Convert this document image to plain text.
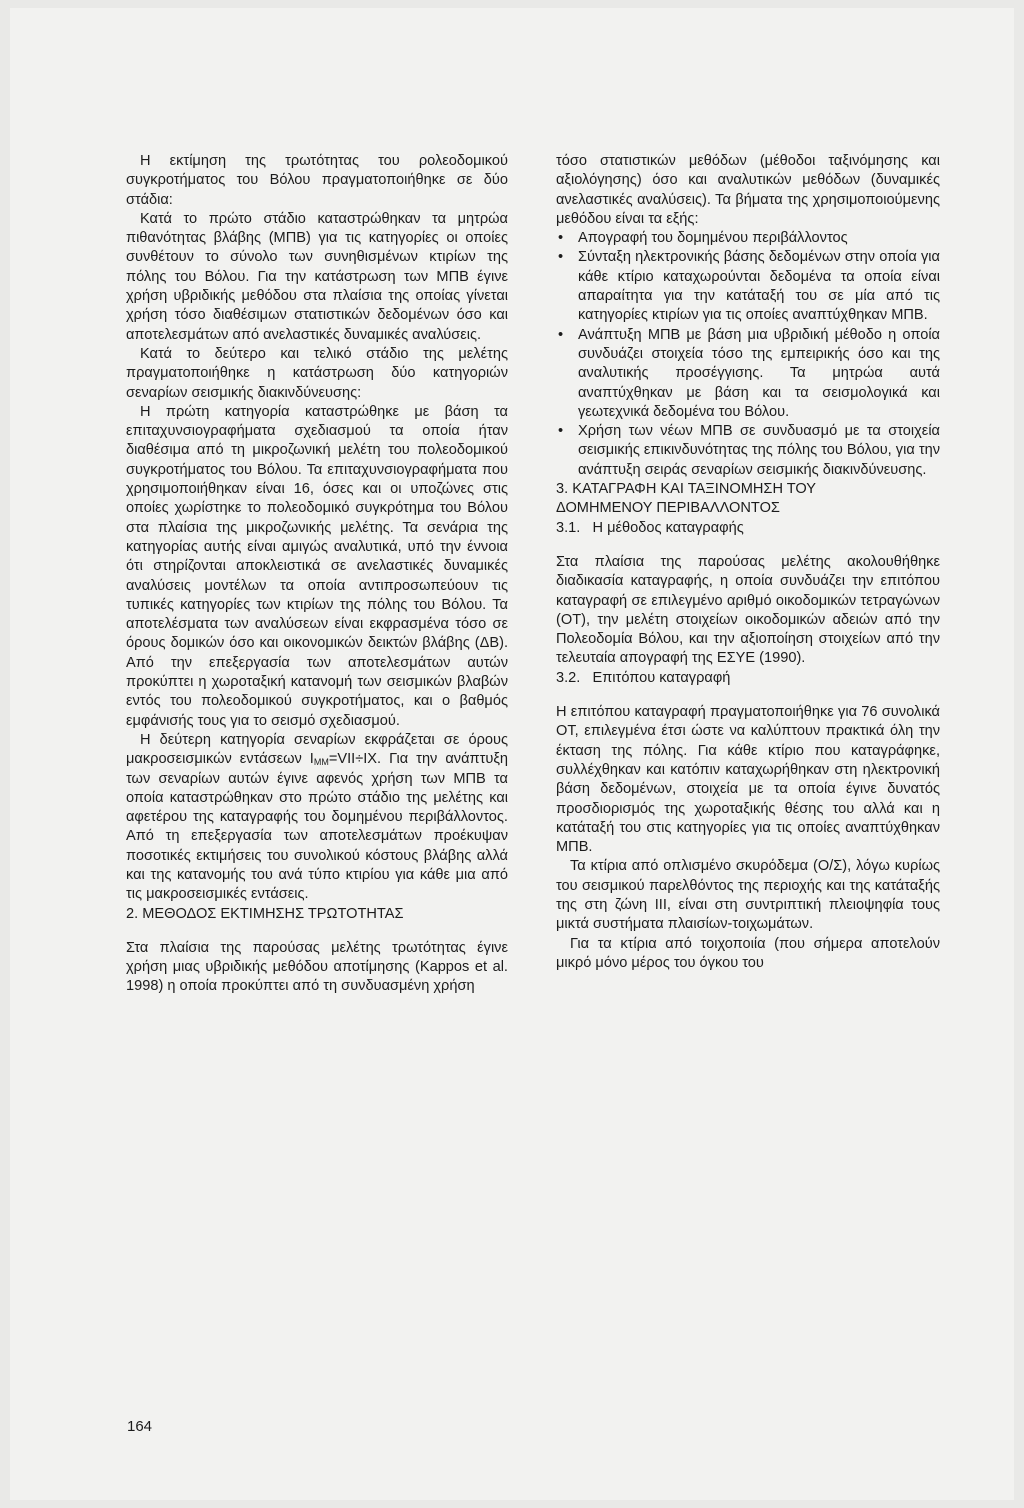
Η εκτίμηση της τρωτότητας του ρολεοδομικού συγκροτήματος του Βόλου πραγματοποιήθηκε σε δύο στάδια:

Κατά το πρώτο στάδιο καταστρώθηκαν τα μητρώα πιθανότητας βλάβης (ΜΠΒ) για τις κατηγορίες οι οποίες συνθέτουν το σύνολο των συνηθισμένων κτιρίων της πόλης του Βόλου. Για την κατάστρωση των ΜΠΒ έγινε χρήση υβριδικής μεθόδου στα πλαίσια της οποίας γίνεται χρήση τόσο διαθέσιμων στατιστικών δεδομένων όσο και αποτελεσμάτων από ανελαστικές δυναμικές αναλύσεις.

Κατά το δεύτερο και τελικό στάδιο της μελέτης πραγματοποιήθηκε η κατάστρωση δύο κατηγοριών σεναρίων σεισμικής διακινδύνευσης:

Η πρώτη κατηγορία καταστρώθηκε με βάση τα επιταχυνσιογραφήματα σχεδιασμού τα οποία ήταν διαθέσιμα από τη μικροζωνική μελέτη του πολεοδομικού συγκροτήματος του Βόλου. Τα επιταχυνσιογραφήματα που χρησιμοποιήθηκαν είναι 16, όσες και οι υποζώνες στις οποίες χωρίστηκε το πολεοδομικό συγκρότημα του Βόλου στα πλαίσια της μικροζωνικής μελέτης. Τα σενάρια της κατηγορίας αυτής είναι αμιγώς αναλυτικά, υπό την έννοια ότι στηρίζονται αποκλειστικά σε ανελαστικές δυναμικές αναλύσεις μοντέλων τα οποία αντιπροσωπεύουν τις τυπικές κατηγορίες των κτιρίων της πόλης του Βόλου. Τα αποτελέσματα των αναλύσεων είναι εκφρασμένα τόσο σε όρους δομικών όσο και οικονομικών δεικτών βλάβης (ΔΒ). Από την επεξεργασία των αποτελεσμάτων αυτών προκύπτει η χωροταξική κατανομή των σεισμικών βλαβών εντός του πολεοδομικού συγκροτήματος, και ο βαθμός εμφάνισής τους για το σεισμό σχεδιασμού.

Η δεύτερη κατηγορία σεναρίων εκφράζεται σε όρους μακροσεισμικών εντάσεων $I_{MM}=VII\div IX$. Για την ανάπτυξη των σεναρίων αυτών έγινε αφενός χρήση των ΜΠΒ τα οποία καταστρώθηκαν στο πρώτο στάδιο της μελέτης και αφετέρου της καταγραφής του δομημένου περιβάλλοντος. Από τη επεξεργασία των αποτελεσμάτων προέκυψαν ποσοτικές εκτιμήσεις του συνολικού κόστους βλάβης αλλά και της κατανομής του ανά τύπο κτιρίου για κάθε μια από τις μακροσεισμικές εντάσεις.

2. ΜΕΘΟΔΟΣ ΕΚΤΙΜΗΣΗΣ ΤΡΩΤΟΤΗΤΑΣ

Στα πλαίσια της παρούσας μελέτης τρωτότητας έγινε χρήση μιας υβριδικής μεθόδου αποτίμησης (Kappos et al. 1998) η οποία προκύπτει από τη συνδυασμένη χρήση

τόσο στατιστικών μεθόδων (μέθοδοι ταξινόμησης και αξιολόγησης) όσο και αναλυτικών μεθόδων (δυναμικές ανελαστικές αναλύσεις). Τα βήματα της χρησιμοποιούμενης μεθόδου είναι τα εξής:

• Απογραφή του δομημένου περιβάλλοντος
• Σύνταξη ηλεκτρονικής βάσης δεδομένων στην οποία για κάθε κτίριο καταχωρούνται δεδομένα τα οποία είναι απαραίτητα για την κατάταξή του σε μία από τις κατηγορίες κτιρίων για τις οποίες αναπτύχθηκαν ΜΠΒ.
• Ανάπτυξη ΜΠΒ με βάση μια υβριδική μέθοδο η οποία συνδυάζει στοιχεία τόσο της εμπειρικής όσο και της αναλυτικής προσέγγισης. Τα μητρώα αυτά αναπτύχθηκαν με βάση και τα σεισμολογικά και γεωτεχνικά δεδομένα του Βόλου.
• Χρήση των νέων ΜΠΒ σε συνδυασμό με τα στοιχεία σεισμικής επικινδυνότητας της πόλης του Βόλου, για την ανάπτυξη σειράς σεναρίων σεισμικής διακινδύνευσης.

3. ΚΑΤΑΓΡΑΦΗ ΚΑΙ ΤΑΞΙΝΟΜΗΣΗ ΤΟΥ
ΔΟΜΗΜΕΝΟΥ ΠΕΡΙΒΑΛΛΟΝΤΟΣ

3.1.   Η μέθοδος καταγραφής

Στα πλαίσια της παρούσας μελέτης ακολουθήθηκε διαδικασία καταγραφής, η οποία συνδυάζει την επιτόπου καταγραφή σε επιλεγμένο αριθμό οικοδομικών τετραγώνων (ΟΤ), την μελέτη στοιχείων οικοδομικών αδειών από την Πολεοδομία Βόλου, και την αξιοποίηση στοιχείων από την τελευταία απογραφή της ΕΣΥΕ (1990).

3.2.   Επιτόπου καταγραφή

Η επιτόπου καταγραφή πραγματοποιήθηκε για 76 συνολικά ΟΤ, επιλεγμένα έτσι ώστε να καλύπτουν πρακτικά όλη την έκταση της πόλης. Για κάθε κτίριο που καταγράφηκε, συλλέχθηκαν και κατόπιν καταχωρήθηκαν στη ηλεκτρονική βάση δεδομένων, στοιχεία με τα οποία έγινε δυνατός προσδιορισμός της χωροταξικής θέσης του αλλά και η κατάταξή του στις κατηγορίες για τις οποίες αναπτύχθηκαν ΜΠΒ.

Τα κτίρια από οπλισμένο σκυρόδεμα (Ο/Σ), λόγω κυρίως του σεισμικού παρελθόντος της περιοχής και της κατάταξής της στη ζώνη III, είναι στη συντριπτική πλειοψηφία τους μικτά συστήματα πλαισίων-τοιχωμάτων.

Για τα κτίρια από τοιχοποιία (που σήμερα αποτελούν μικρό μόνο μέρος του όγκου του

164
